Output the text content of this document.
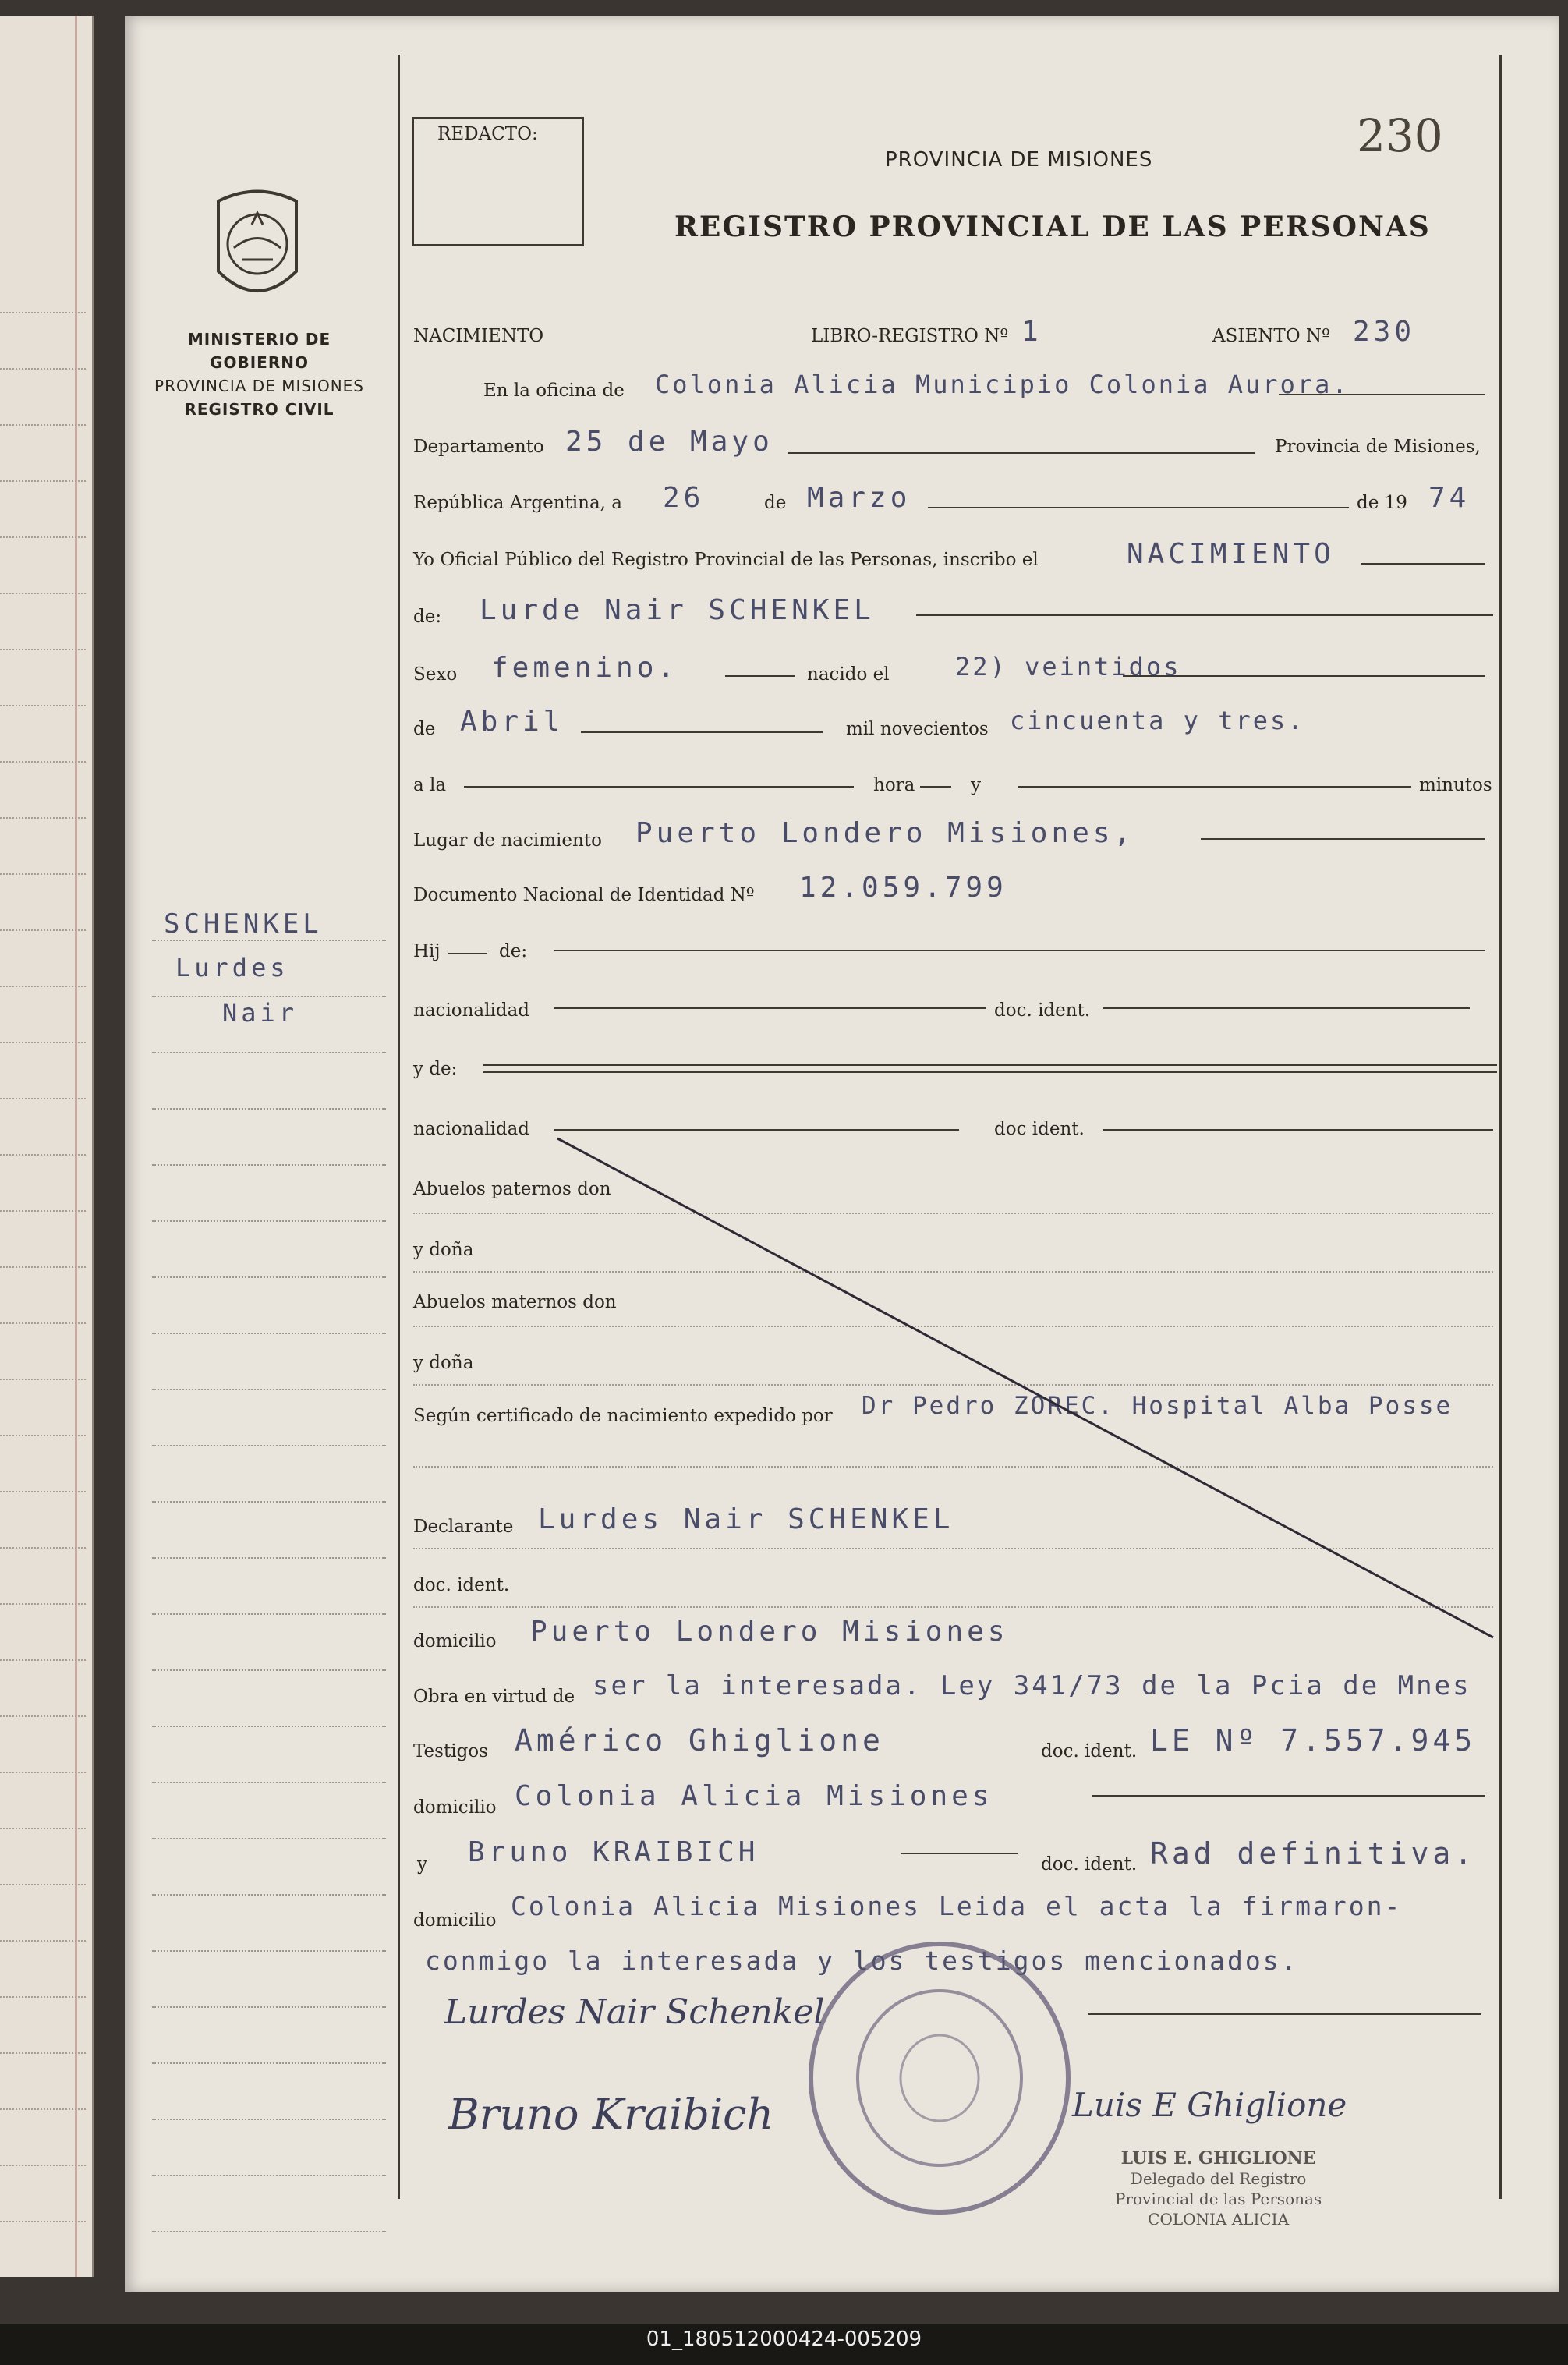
MINISTERIO DE GOBIERNO
PROVINCIA DE MISIONES
REGISTRO CIVIL
SCHENKEL
Lurdes
Nair
REDACTO:	230
PROVINCIA DE MISIONES
REGISTRO PROVINCIAL DE LAS PERSONAS
NACIMIENTO	LIBRO-REGISTRO Nº 1	ASIENTO Nº 230
En la oficina de Colonia Alicia Municipio Colonia Aurora.
Departamento 25 de Mayo	Provincia de Misiones,
República Argentina, a 26	de Marzo	de 19 74
Yo Oficial Público del Registro Provincial de las Personas, inscribo el	NACIMIENTO
de: Lurde Nair SCHENKEL
Sexo femenino.	nacido el	22) veintidos
de Abril	mil novecientos cincuenta y tres.
a la	hora	y	minutos
Lugar de nacimiento Puerto Londero Misiones,
Documento Nacional de Identidad Nº 12.059.799
Hij	de:
nacionalidad	doc. ident.
y de:
nacionalidad	doc ident.
Abuelos paternos don
y doña
Abuelos maternos don
y doña
Según certificado de nacimiento expedido por Dr Pedro ZOREC. Hospital Alba Posse
Declarante Lurdes Nair SCHENKEL
doc. ident.
domicilio Puerto Londero Misiones
Obra en virtud de ser la interesada. Ley 341/73 de la Pcia de Mnes
Testigos Américo Ghiglione	doc. ident. LE Nº 7.557.945
domicilio Colonia Alicia Misiones
y Bruno KRAIBICH	doc. ident. Rad definitiva.
domicilio Colonia Alicia Misiones Leida el acta la firmaron-
conmigo la interesada y los testigos mencionados.
Lurdes Nair Schenkel
Bruno Kraibich	Luis E Ghiglione
LUIS E. GHIGLIONE
Delegado del Registro
Provincial de las Personas
COLONIA ALICIA
01_180512000424-005209
